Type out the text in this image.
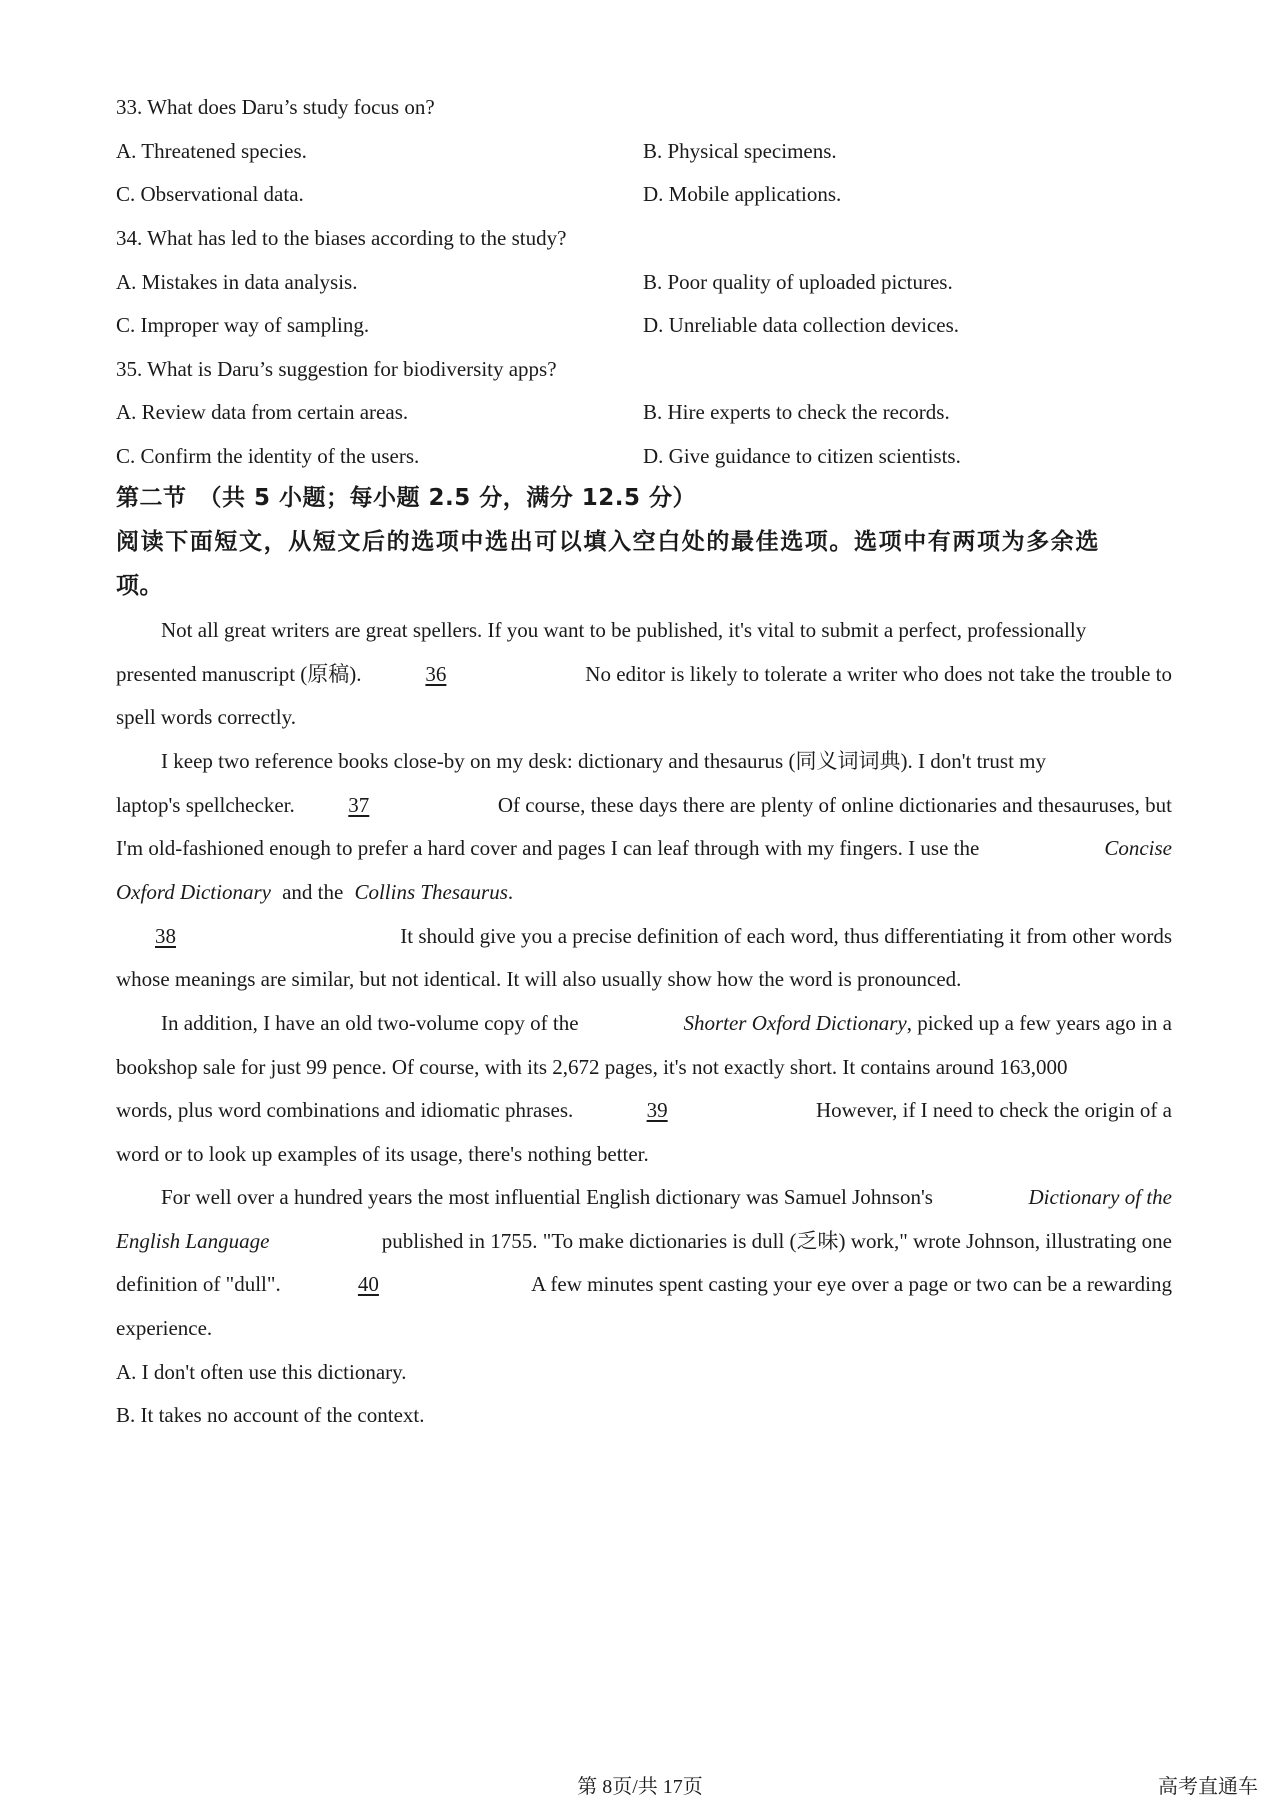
33. What does Daru’s study focus on?
A. Threatened species.	B. Physical specimens.
C. Observational data.	D. Mobile applications.
34. What has led to the biases according to the study?
A. Mistakes in data analysis.	B. Poor quality of uploaded pictures.
C. Improper way of sampling.	D. Unreliable data collection devices.
35. What is Daru’s suggestion for biodiversity apps?
A. Review data from certain areas.	B. Hire experts to check the records.
C. Confirm the identity of the users.	D. Give guidance to citizen scientists.
第二节　（共 5 小题；每小题 2.5 分，满分 12.5 分）
阅读下面短文，从短文后的选项中选出可以填入空白处的最佳选项。选项中有两项为多余选
项。
Not all great writers are great spellers. If you want to be published, it's vital to submit a perfect, professionally
presented manuscript (原稿).	36	No editor is likely to tolerate a writer who does not take the trouble to
spell words correctly.
I keep two reference books close-by on my desk: dictionary and thesaurus (同义词词典). I don't trust my
laptop's spellchecker.	37	Of course, these days there are plenty of online dictionaries and thesauruses, but
I'm old-fashioned enough to prefer a hard cover and pages I can leaf through with my fingers. I use the	Concise
Oxford Dictionary and the Collins Thesaurus.
38	It should give you a precise definition of each word, thus differentiating it from other words
whose meanings are similar, but not identical. It will also usually show how the word is pronounced.
In addition, I have an old two-volume copy of the	Shorter Oxford Dictionary, picked up a few years ago in a
bookshop sale for just 99 pence. Of course, with its 2,672 pages, it's not exactly short. It contains around 163,000
words, plus word combinations and idiomatic phrases.	39	However, if I need to check the origin of a
word or to look up examples of its usage, there's nothing better.
For well over a hundred years the most influential English dictionary was Samuel Johnson's	Dictionary of the
English Language	published in 1755. "To make dictionaries is dull (乏味) work," wrote Johnson, illustrating one
definition of "dull".	40	A few minutes spent casting your eye over a page or two can be a rewarding
experience.
A. I don't often use this dictionary.
B. It takes no account of the context.
第 8页/共 17页	高考直通车
